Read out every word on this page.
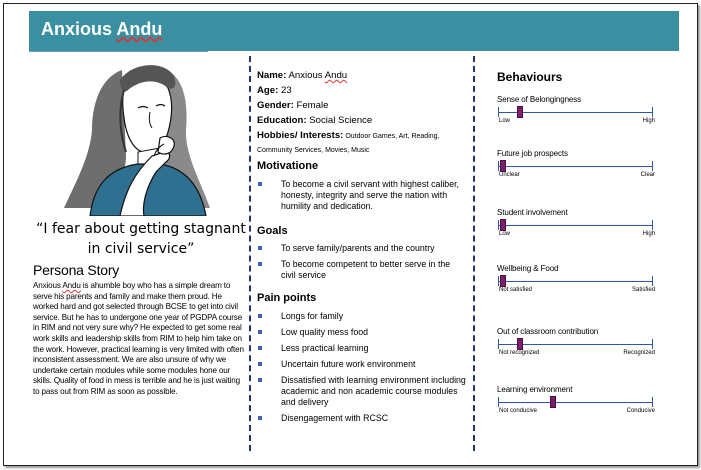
Anxious Andu
“I fear about getting stagnant in civil service”
Persona Story
Anxious Andu is ahumble boy who has a simple dream to serve his parents and family and make them proud. He worked hard and got selected through BCSE to get into civil service. But he has to undergone one year of PGDPA course in RIM and not very sure why? He expected to get some real work skills and leadership skills from RIM to help him take on the work. However, practical learning is very limited with often inconsistent assessment. We are also unsure of why we undertake certain modules while some modules hone our skills. Quality of food in mess is terrible and he is just waiting to pass out from RIM as soon as possible.
Name: Anxious Andu
Age: 23
Gender: Female
Education: Social Science
Hobbies/ Interests: Outdoor Games, Art, Reading, Community Services, Movies, Music
Motivatione
To become a civil servant with highest caliber, honesty, integrity and serve the nation with humility and dedication.
Goals
To serve family/parents and the country
To become competent to better serve in the civil service
Pain points
Longs for family
Low quality mess food
Less practical learning
Uncertain future work environment
Dissatisfied with learning environment including academic and non academic course modules and delivery
Disengagement with RCSC
Behaviours
Sense of Belongingness
Low	High
Future job prospects
Unclear	Clear
Student involvement
Low	High
Wellbeing & Food
Not satisfied	Satisfied
Out of classroom contribution
Not recognized	Recognized
Learning environment
Not conducive	Conducive
